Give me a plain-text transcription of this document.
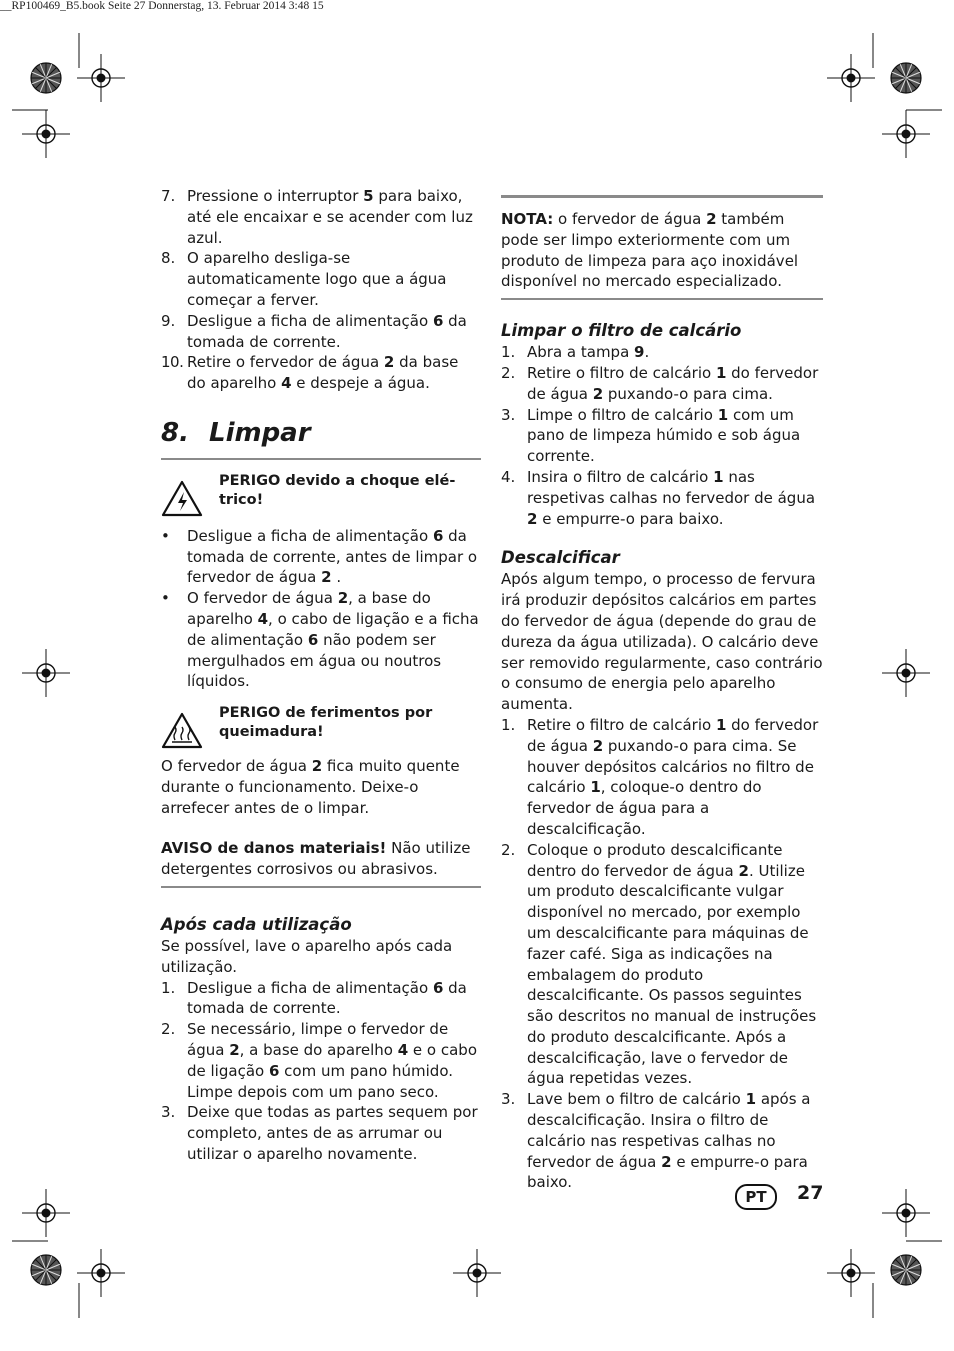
__RP100469_B5.book Seite 27 Donnerstag, 13. Februar 2014 3:48 15
7. Pressione o interruptor 5 para baixo, até ele encaixar e se acender com luz azul.
8. O aparelho desliga-se automaticamente logo que a água começar a ferver.
9. Desligue a ficha de alimentação 6 da tomada de corrente.
10. Retire o fervedor de água 2 da base do aparelho 4 e despeje a água.
8. Limpar
PERIGO devido a choque elé-trico!
•	Desligue a ficha de alimentação 6 da tomada de corrente, antes de limpar o fervedor de água 2 .
•	O fervedor de água 2, a base do aparelho 4, o cabo de ligação e a ficha de alimentação 6 não podem ser mergulhados em água ou noutros líquidos.
PERIGO de ferimentos por queimadura!

O fervedor de água 2 fica muito quente durante o funcionamento. Deixe-o arrefecer antes de o limpar.

AVISO de danos materiais! Não utilize detergentes corrosivos ou abrasivos.

Após cada utilização

Se possível, lave o aparelho após cada utilização.

1. Desligue a ficha de alimentação 6 da tomada de corrente.
2. Se necessário, limpe o fervedor de água 2, a base do aparelho 4 e o cabo de ligação 6 com um pano húmido. Limpe depois com um pano seco.
3. Deixe que todas as partes sequem por completo, antes de as arrumar ou utilizar o aparelho novamente.

NOTA: o fervedor de água 2 também pode ser limpo exteriormente com um produto de limpeza para aço inoxidável disponível no mercado especializado.

Limpar o filtro de calcário

1. Abra a tampa 9.
2. Retire o filtro de calcário 1 do fervedor de água 2 puxando-o para cima.
3. Limpe o filtro de calcário 1 com um pano de limpeza húmido e sob água corrente.
4. Insira o filtro de calcário 1 nas respetivas calhas no fervedor de água 2 e empurre-o para baixo.

Descalcificar

Após algum tempo, o processo de fervura irá produzir depósitos calcários em partes do fervedor de água (depende do grau de dureza da água utilizada). O calcário deve ser removido regularmente, caso contrário o consumo de energia pelo aparelho aumenta.

1. Retire o filtro de calcário 1 do fervedor de água 2 puxando-o para cima. Se houver depósitos calcários no filtro de calcário 1, coloque-o dentro do fervedor de água para a descalcificação.
2. Coloque o produto descalcificante dentro do fervedor de água 2. Utilize um produto descalcificante vulgar disponível no mercado, por exemplo um descalcificante para máquinas de fazer café. Siga as indicações na embalagem do produto descalcificante. Os passos seguintes são descritos no manual de instruções do produto descalcificante. Após a descalcificação, lave o fervedor de água repetidas vezes.
3. Lave bem o filtro de calcário 1 após a descalcificação. Insira o filtro de calcário nas respetivas calhas no fervedor de água 2 e empurre-o para baixo.
PT	27
